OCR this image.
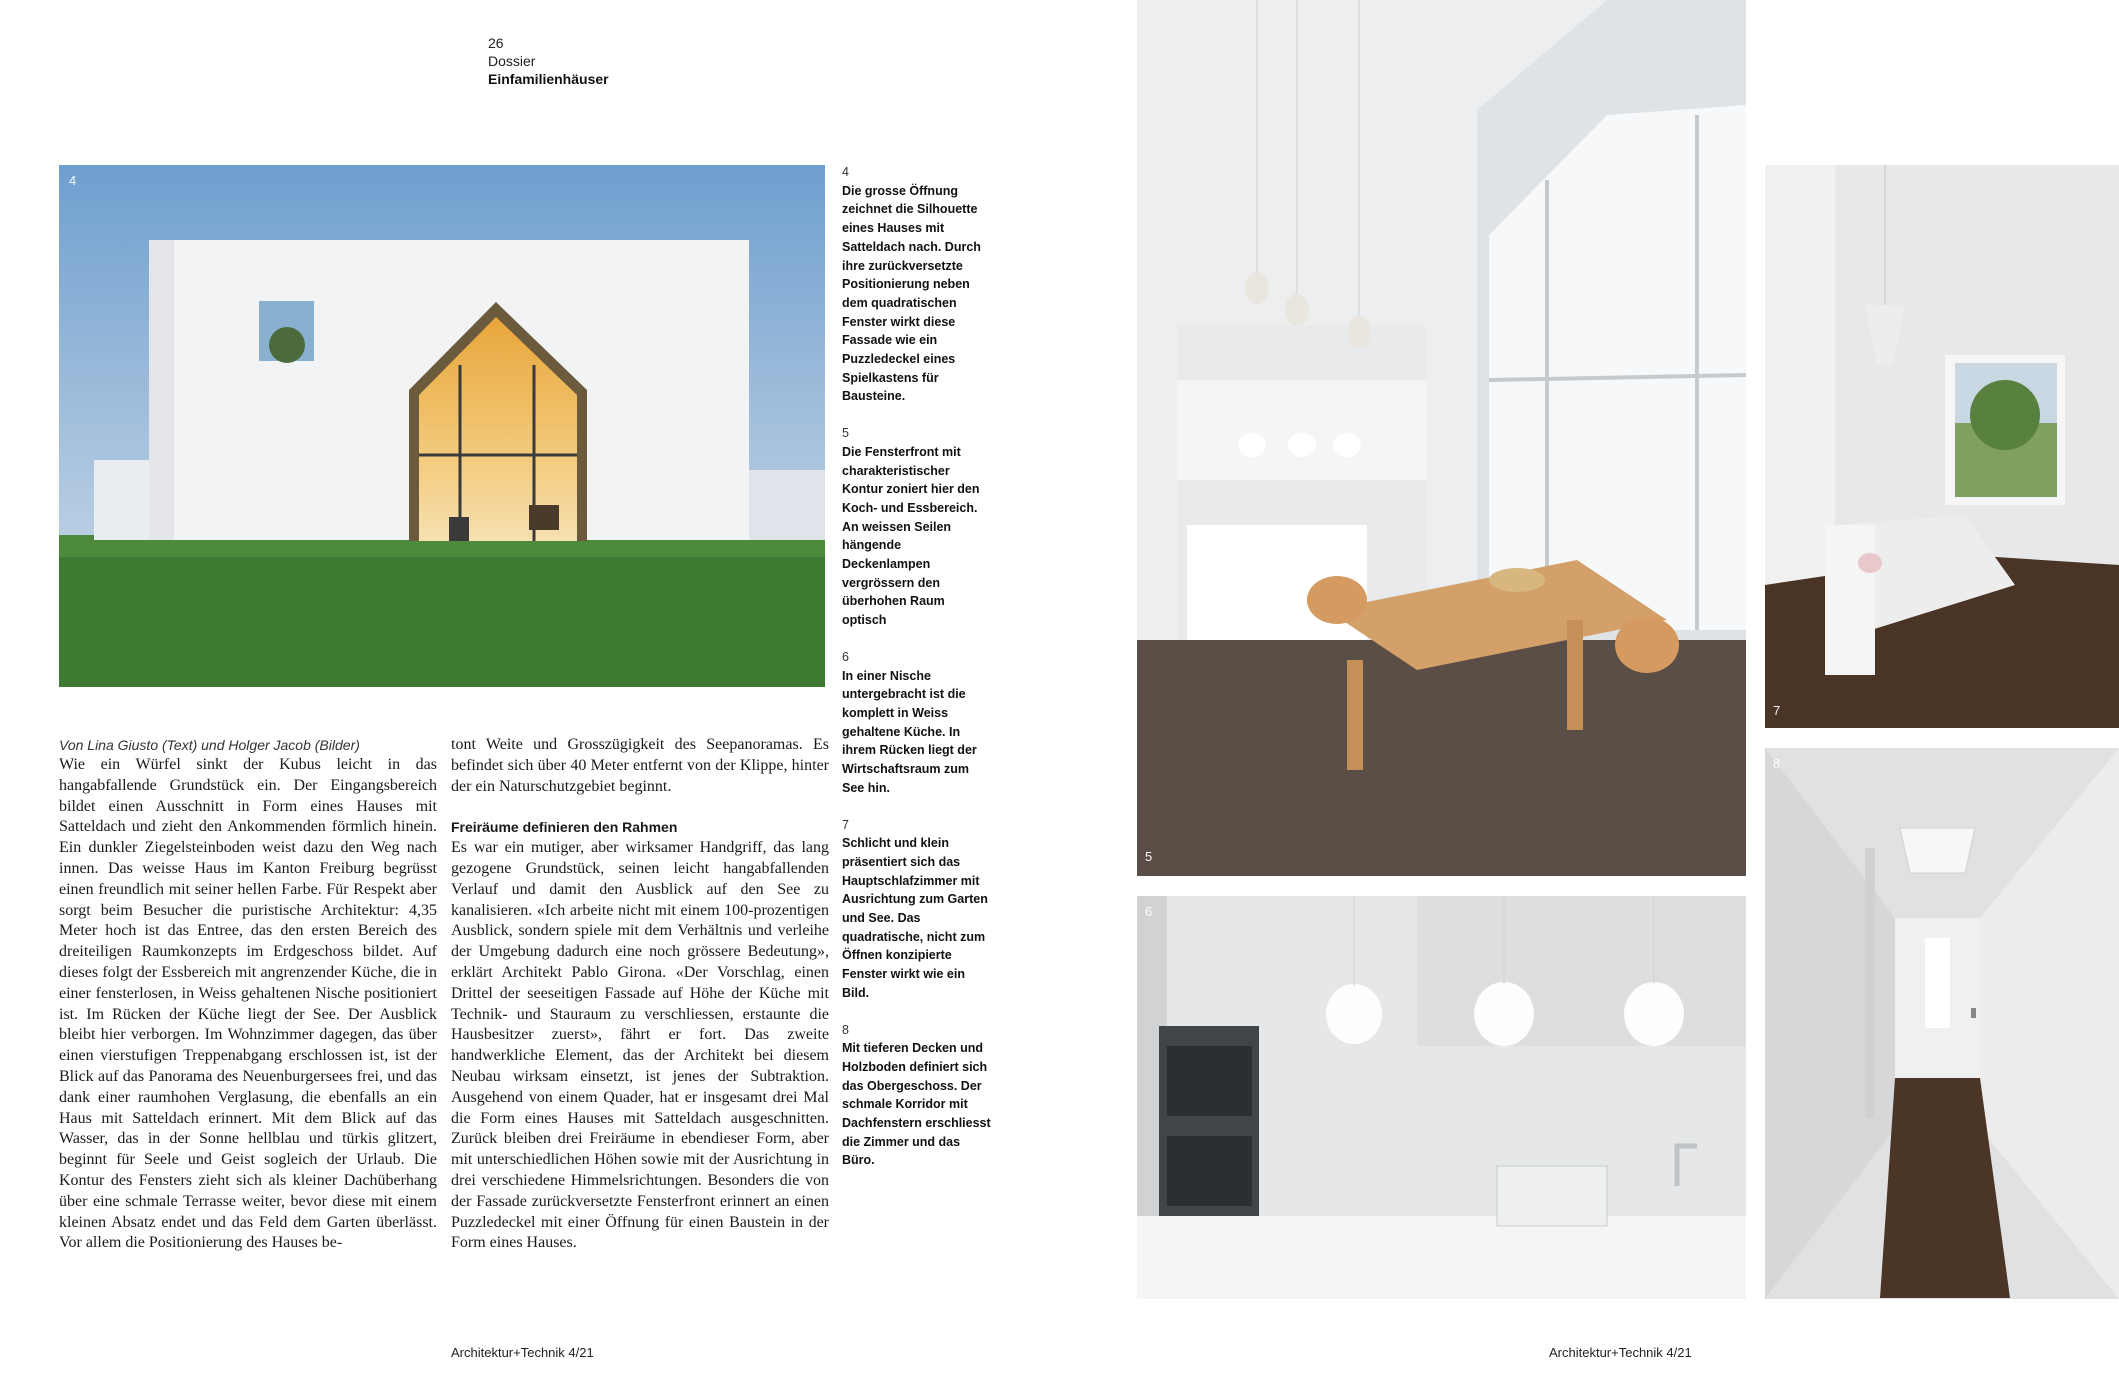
26
Dossier
Einfamilienhäuser
4
5
6
7
8
Von Lina Giusto (Text) und Holger Jacob (Bilder)
Wie ein Würfel sinkt der Kubus leicht in das hangabfallende Grundstück ein. Der Eingangsbereich bildet einen Ausschnitt in Form eines Hauses mit Satteldach und zieht den Ankommenden förmlich hinein. Ein dunkler Ziegelsteinboden weist dazu den Weg nach innen. Das weisse Haus im Kanton Freiburg begrüsst einen freundlich mit seiner hellen Farbe. Für Respekt aber sorgt beim Besucher die puristische Architektur: 4,35 Meter hoch ist das Entree, das den ersten Bereich des dreiteiligen Raumkonzepts im Erdgeschoss bildet. Auf dieses folgt der Essbereich mit angrenzender Küche, die in einer fensterlosen, in Weiss gehaltenen Nische positioniert ist. Im Rücken der Küche liegt der See. Der Ausblick bleibt hier verborgen. Im Wohnzimmer dagegen, das über einen vierstufigen Treppenabgang erschlossen ist, ist der Blick auf das Panorama des Neuenburgersees frei, und das dank einer raumhohen Verglasung, die ebenfalls an ein Haus mit Satteldach erinnert. Mit dem Blick auf das Wasser, das in der Sonne hellblau und türkis glitzert, beginnt für Seele und Geist sogleich der Urlaub. Die Kontur des Fensters zieht sich als kleiner Dachüberhang über eine schmale Terrasse weiter, bevor diese mit einem kleinen Absatz endet und das Feld dem Garten überlässt. Vor allem die Positionierung des Hauses be-
tont Weite und Grosszügigkeit des Seepanoramas. Es befindet sich über 40 Meter entfernt von der Klippe, hinter der ein Naturschutzgebiet beginnt.
Freiräume definieren den Rahmen
Es war ein mutiger, aber wirksamer Handgriff, das lang gezogene Grundstück, seinen leicht hangabfallenden Verlauf und damit den Ausblick auf den See zu kanalisieren. «Ich arbeite nicht mit einem 100-prozentigen Ausblick, sondern spiele mit dem Verhältnis und verleihe der Umgebung dadurch eine noch grössere Bedeutung», erklärt Architekt Pablo Girona. «Der Vorschlag, einen Drittel der seeseitigen Fassade auf Höhe der Küche mit Technik- und Stauraum zu verschliessen, erstaunte die Hausbesitzer zuerst», fährt er fort. Das zweite handwerkliche Element, das der Architekt bei diesem Neubau wirksam einsetzt, ist jenes der Subtraktion. Ausgehend von einem Quader, hat er insgesamt drei Mal die Form eines Hauses mit Satteldach ausgeschnitten. Zurück bleiben drei Freiräume in ebendieser Form, aber mit unterschiedlichen Höhen sowie mit der Ausrichtung in drei verschiedene Himmelsrichtungen. Besonders die von der Fassade zurückversetzte Fensterfront erinnert an einen Puzzledeckel mit einer Öffnung für einen Baustein in der Form eines Hauses.
4
Die grosse Öffnung zeichnet die Silhouette eines Hauses mit Satteldach nach. Durch ihre zurückversetzte Positionierung neben dem quadratischen Fenster wirkt diese Fassade wie ein Puzzledeckel eines Spielkastens für Bausteine.
5
Die Fensterfront mit charakteristischer Kontur zoniert hier den Koch- und Essbereich. An weissen Seilen hängende Deckenlampen vergrössern den überhohen Raum optisch
6
In einer Nische untergebracht ist die komplett in Weiss gehaltene Küche. In ihrem Rücken liegt der Wirtschaftsraum zum See hin.
7
Schlicht und klein präsentiert sich das Hauptschlafzimmer mit Ausrichtung zum Garten und See. Das quadratische, nicht zum Öffnen konzipierte Fenster wirkt wie ein Bild.
8
Mit tieferen Decken und Holzboden definiert sich das Obergeschoss. Der schmale Korridor mit Dachfenstern erschliesst die Zimmer und das Büro.
Architektur+Technik 4/21	Architektur+Technik 4/21
